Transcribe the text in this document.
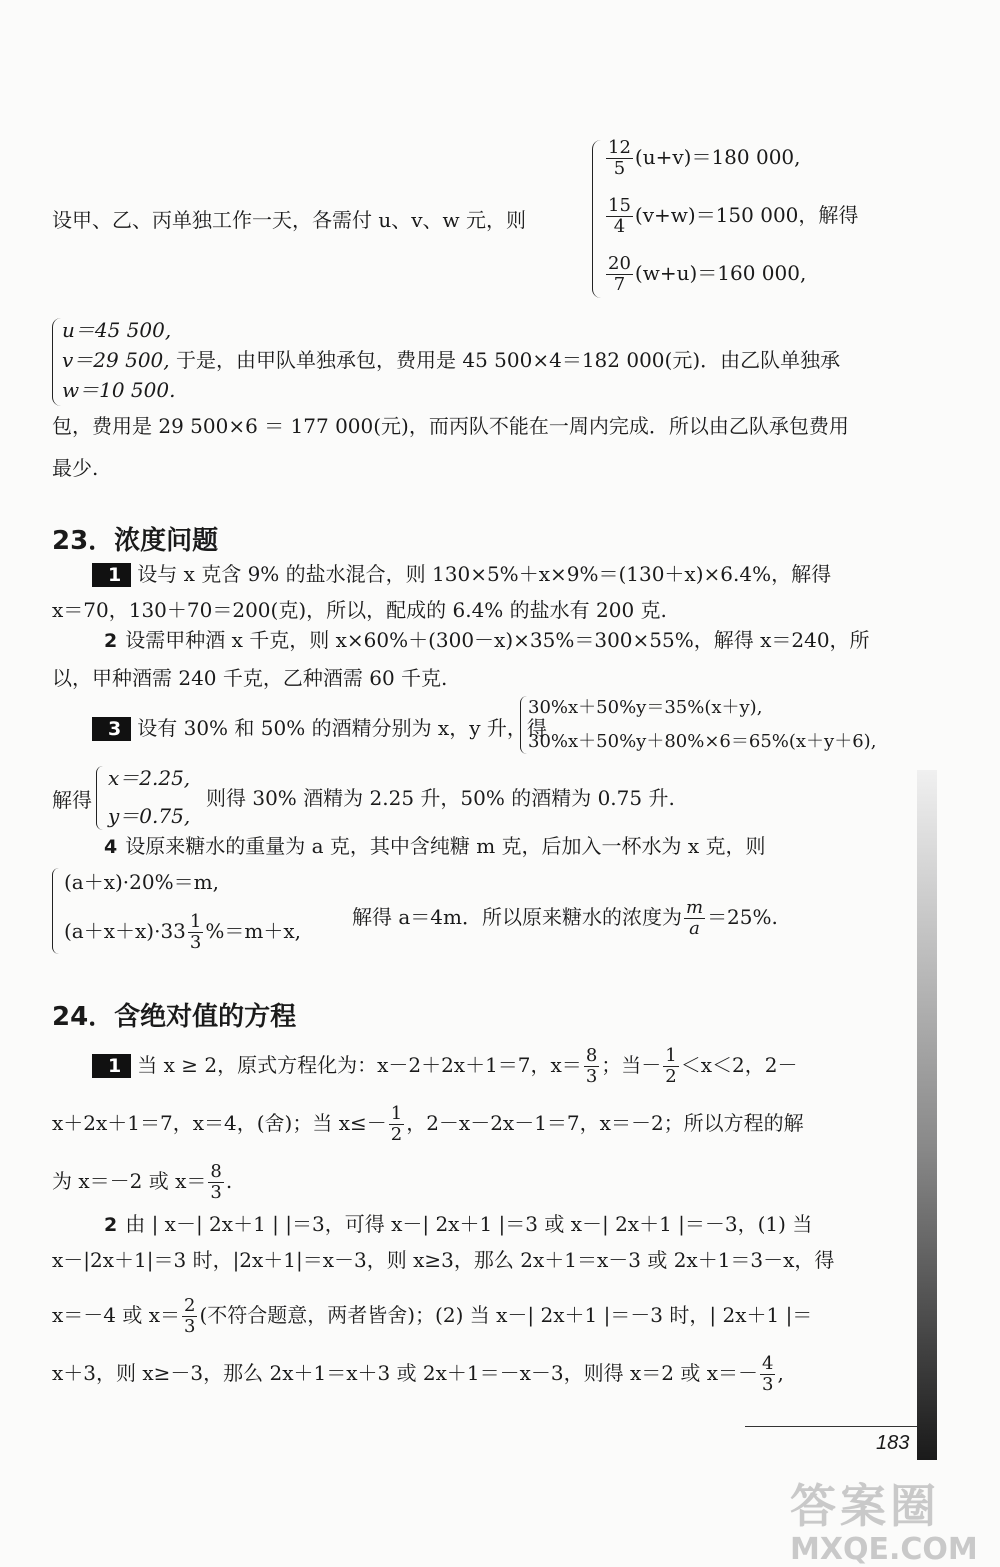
设甲、乙、丙单独工作一天，各需付 u、v、w 元，则
$\frac{12}{5} (u+v)=180$ 000,
$\frac{15}{4} (v+w)=150$ 000，解得
$\frac{20}{7} (w+u)=160$ 000,
u＝45 500,
v＝29 500,
w＝10 500.
于是，由甲队单独承包，费用是 45 500×4＝182 000(元)．由乙队单独承
包，费用是 29 500×6 ＝ 177 000(元)，而丙队不能在一周内完成．所以由乙队承包费用
最少.
23．浓度问题
1 设与 x 克含 9% 的盐水混合，则 130×5%＋x×9%＝(130＋x)×6.4%，解得
x＝70，130＋70＝200(克)，所以，配成的 6.4% 的盐水有 200 克.
2 设需甲种酒 x 千克，则 x×60%＋(300－x)×35%＝300×55%，解得 x＝240，所
以，甲种酒需 240 千克，乙种酒需 60 千克.
3 设有 30% 和 50% 的酒精分别为 x，y 升，得
30%x＋50%y＝35%(x＋y),
30%x＋50%y＋80%×6＝65%(x＋y＋6),
解得
x＝2.25,
y＝0.75,
则得 30% 酒精为 2.25 升，50% 的酒精为 0.75 升.
4 设原来糖水的重量为 a 克，其中含纯糖 m 克，后加入一杯水为 x 克，则
(a＋x)·20%＝m,
$(a+x+x)\cdot 33 \frac{1}{3} \%=m+x$,
解得 a＝4m．所以原来糖水的浓度为 $\frac{m}{a} =25\%$.
24．含绝对值的方程
1 当 x ≥ 2，原式方程化为：x－2＋2x＋1＝7，$x= \frac{8}{3}$ ；当－ $\frac{1}{2} <x<2$，2－
x＋2x＋1＝7，x＝4，(舍)；当 $x\le- \frac{1}{2}$ ，2－x－2x－1＝7，x＝－2；所以方程的解
为 x＝－2 或 $x= \frac{8}{3}$ .
2 由 | x－| 2x＋1 | |＝3，可得 x－| 2x＋1 |＝3 或 x－| 2x＋1 |＝－3，(1) 当
x－|2x＋1|＝3 时，|2x＋1|＝x－3，则 x≥3，那么 2x＋1＝x－3 或 2x＋1＝3－x，得
x＝－4 或 $x= \frac{2}{3}$ (不符合题意，两者皆舍)；(2) 当 x－| 2x＋1 |＝－3 时，| 2x＋1 |＝
x＋3，则 x≥－3，那么 2x＋1＝x＋3 或 2x＋1＝－x－3，则得 x＝2 或 $x=- \frac{4}{3}$ ,
183
答案圈
MXQE.COM
